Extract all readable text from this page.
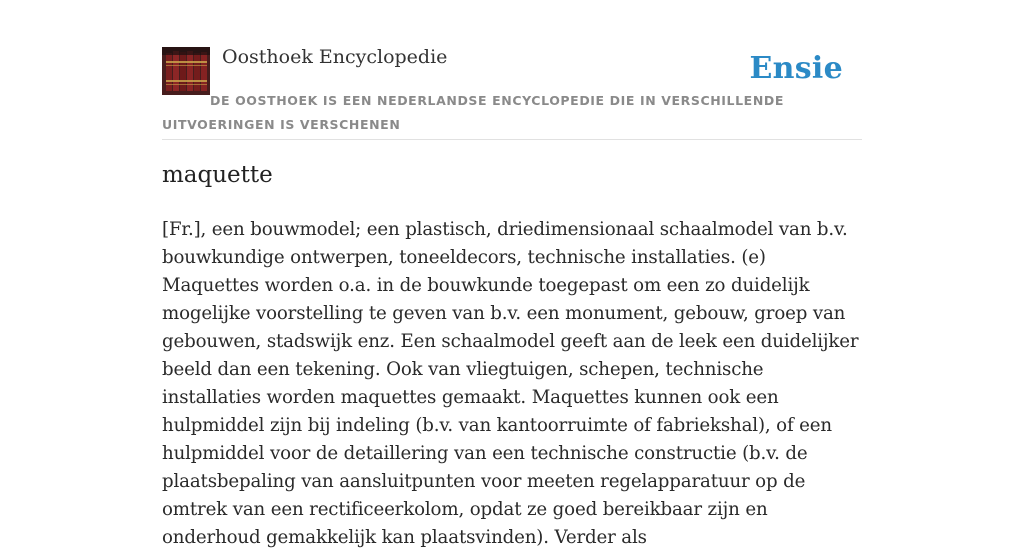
Oosthoek Encyclopedie	Ensie
DE OOSTHOEK IS EEN NEDERLANDSE ENCYCLOPEDIE DIE IN VERSCHILLENDE UITVOERINGEN IS VERSCHENEN
maquette

[Fr.], een bouwmodel; een plastisch, driedimensionaal schaalmodel van b.v. bouwkundige ontwerpen, toneeldecors, technische installaties. (e) Maquettes worden o.a. in de bouwkunde toegepast om een zo duidelijk mogelijke voorstelling te geven van b.v. een monument, gebouw, groep van gebouwen, stadswijk enz. Een schaalmodel geeft aan de leek een duidelijker beeld dan een tekening. Ook van vliegtuigen, schepen, technische installaties worden maquettes gemaakt. Maquettes kunnen ook een hulpmiddel zijn bij indeling (b.v. van kantoorruimte of fabriekshal), of een hulpmiddel voor de detaillering van een technische constructie (b.v. de plaatsbepaling van aansluitpunten voor meeten regelapparatuur op de omtrek van een rectificeerkolom, opdat ze goed bereikbaar zijn en onderhoud gemakkelijk kan plaatsvinden). Verder als
